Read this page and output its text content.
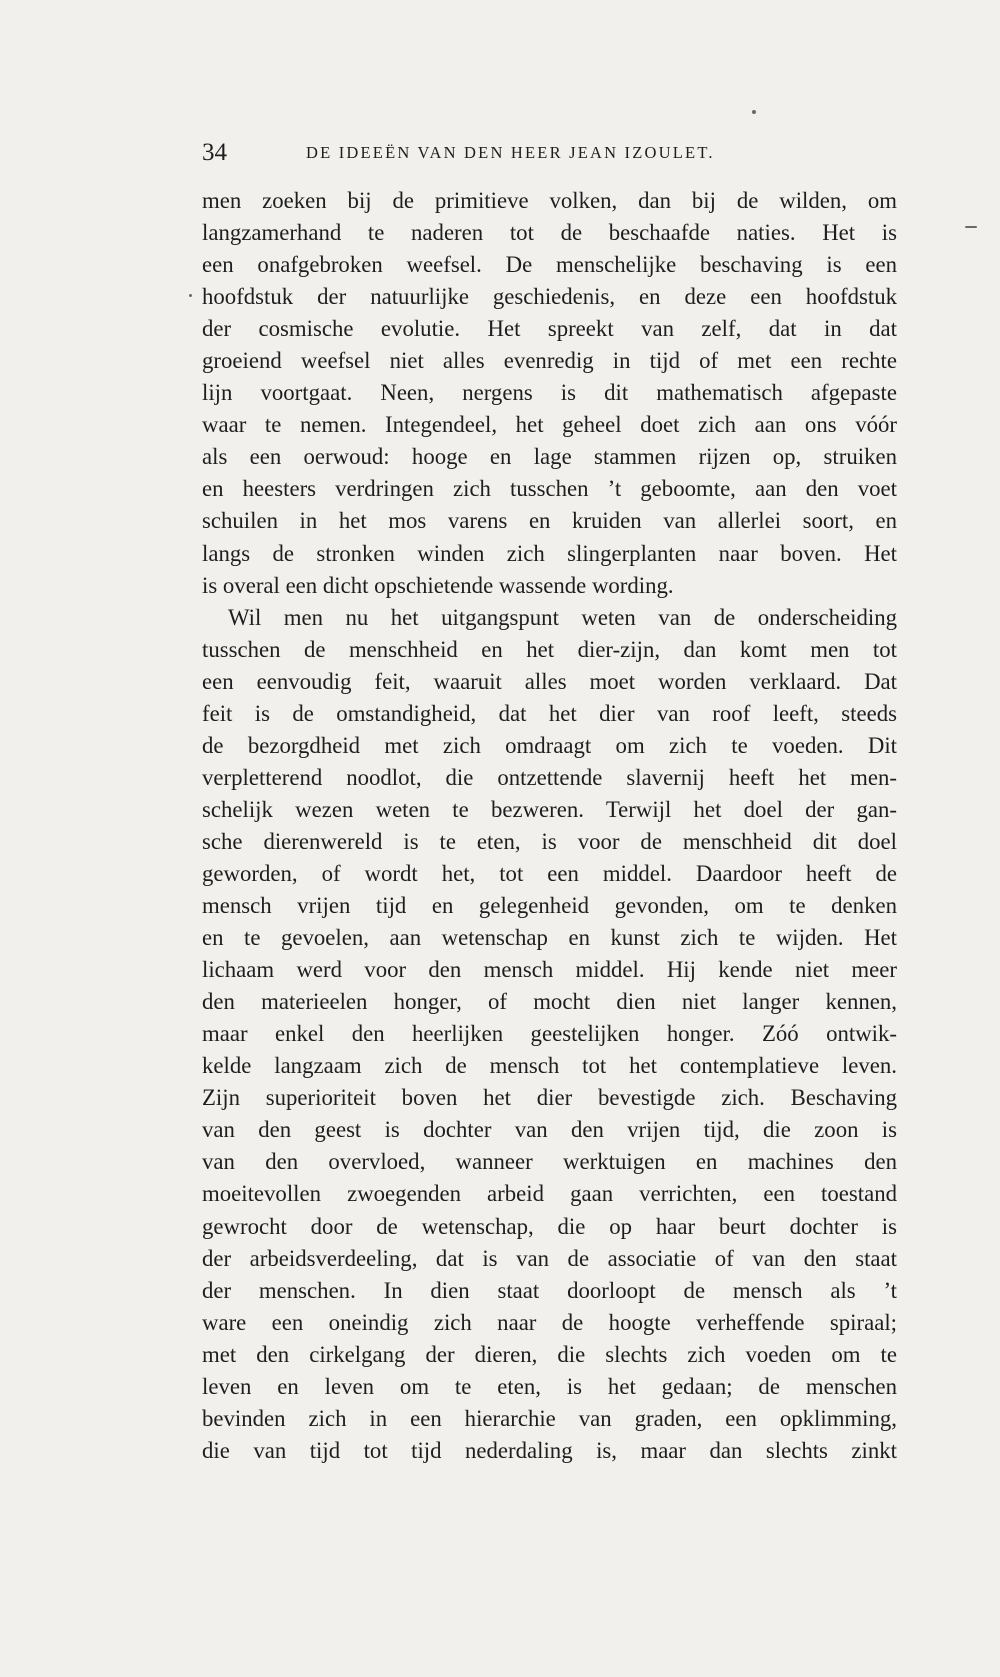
34	DE IDEEËN VAN DEN HEER JEAN IZOULET.
men zoeken bij de primitieve volken, dan bij de wilden, om
langzamerhand te naderen tot de beschaafde naties. Het is
een onafgebroken weefsel. De menschelijke beschaving is een
hoofdstuk der natuurlijke geschiedenis, en deze een hoofdstuk
der cosmische evolutie. Het spreekt van zelf, dat in dat
groeiend weefsel niet alles evenredig in tijd of met een rechte
lijn voortgaat. Neen, nergens is dit mathematisch afgepaste
waar te nemen. Integendeel, het geheel doet zich aan ons vóór
als een oerwoud: hooge en lage stammen rijzen op, struiken
en heesters verdringen zich tusschen ’t geboomte, aan den voet
schuilen in het mos varens en kruiden van allerlei soort, en
langs de stronken winden zich slingerplanten naar boven. Het
is overal een dicht opschietende wassende wording.
Wil men nu het uitgangspunt weten van de onderscheiding
tusschen de menschheid en het dier-zijn, dan komt men tot
een eenvoudig feit, waaruit alles moet worden verklaard. Dat
feit is de omstandigheid, dat het dier van roof leeft, steeds
de bezorgdheid met zich omdraagt om zich te voeden. Dit
verpletterend noodlot, die ontzettende slavernij heeft het men-
schelijk wezen weten te bezweren. Terwijl het doel der gan-
sche dierenwereld is te eten, is voor de menschheid dit doel
geworden, of wordt het, tot een middel. Daardoor heeft de
mensch vrijen tijd en gelegenheid gevonden, om te denken
en te gevoelen, aan wetenschap en kunst zich te wijden. Het
lichaam werd voor den mensch middel. Hij kende niet meer
den materieelen honger, of mocht dien niet langer kennen,
maar enkel den heerlijken geestelijken honger. Zóó ontwik-
kelde langzaam zich de mensch tot het contemplatieve leven.
Zijn superioriteit boven het dier bevestigde zich. Beschaving
van den geest is dochter van den vrijen tijd, die zoon is
van den overvloed, wanneer werktuigen en machines den
moeitevollen zwoegenden arbeid gaan verrichten, een toestand
gewrocht door de wetenschap, die op haar beurt dochter is
der arbeidsverdeeling, dat is van de associatie of van den staat
der menschen. In dien staat doorloopt de mensch als ’t
ware een oneindig zich naar de hoogte verheffende spiraal;
met den cirkelgang der dieren, die slechts zich voeden om te
leven en leven om te eten, is het gedaan; de menschen
bevinden zich in een hierarchie van graden, een opklimming,
die van tijd tot tijd nederdaling is, maar dan slechts zinkt
